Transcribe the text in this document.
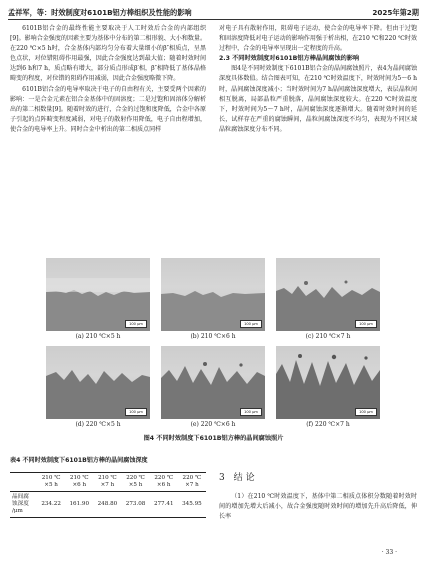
孟祥军，等：时效制度对6101B铝方棒组织及性能的影响	2025年第2期

6101B铝合金的最终性能主要取决于人工时效后合金的内部组织[9]。影响合金强度的因素主要为基体中分布的第二相形貌、大小和数量。在220 ℃×5 h时，合金基体内部均匀分布着大量细小的β″相质点，呈黑色点状，对位错阻碍作用最强，因此合金强度达到最大值；随着时效时间达到6 h和7 h，质点略有增大，部分质点形成β′相，β″相降低了基体晶格畸变的程度，对位错的阻碍作用减弱，因此合金强度略微下降。

6101B铝合金的电导率取决于电子的自由程有关，主要受两个因素的影响：一是合金元素在铝合金基体中的固溶度；二是过饱和固溶体分解析出的第二相数量[9]。随着时效的进行，合金的过饱和度降低，合金中各原子引起的点阵畸变程度减弱，对电子的散射作用降低，电子自由程增加，使合金的电导率上升。同时合金中析出的第二相质点同样

对电子具有散射作用，阻碍电子运动，使合金的电导率下降。但由于过饱和固溶度降低对电子运动的影响作用强于析出相，在210 ℃和220 ℃时效过程中，合金的电导率呈现出一定程度的升高。

2.3 不同时效制度对6101B铝方棒晶间腐蚀的影响

图4是不同时效制度下6101B铝合金的晶间腐蚀照片，表4为晶间腐蚀深度具体数值。结合图表可知，在210 ℃时效温度下，时效时间为5～6 h时，晶间腐蚀深度减小；当时效时间为7 h晶间腐蚀深度增大，表层晶粒间相互脱离，局部晶粒严重脱落，晶间腐蚀深度较大。在220 ℃时效温度下，时效时间为5～7 h时，晶间腐蚀深度逐渐增大。随着时效时间的延长，试样存在严重的腐蚀瞬间，晶粒间腐蚀深度不均匀，表现为不同区域晶粒腐蚀深度分布不同。

100 μm
(a) 210 ℃×5 h
100 μm
(b) 210 ℃×6 h
100 μm
(c) 210 ℃×7 h
100 μm
(d) 220 ℃×5 h
100 μm
(e) 220 ℃×6 h
100 μm
(f) 220 ℃×7 h
图4 不同时效制度下6101B铝方棒的晶间腐蚀照片
表4 不同时效制度下6101B铝方棒的晶间腐蚀深度
	210 ℃
×5 h	210 ℃
×6 h	210 ℃
×7 h	220 ℃
×5 h	220 ℃
×6 h	220 ℃
×7 h
晶间腐
蚀深度
/μm	234.22	161.90	248.80	273.08	277.41	345.95
3 结论

（1）在210 ℃时效温度下，基体中第二相质点体积分数随着时效时间的增加先增大后减小，故合金强度随时效时间的增加先升高后降低，伸长率

· 33 ·
